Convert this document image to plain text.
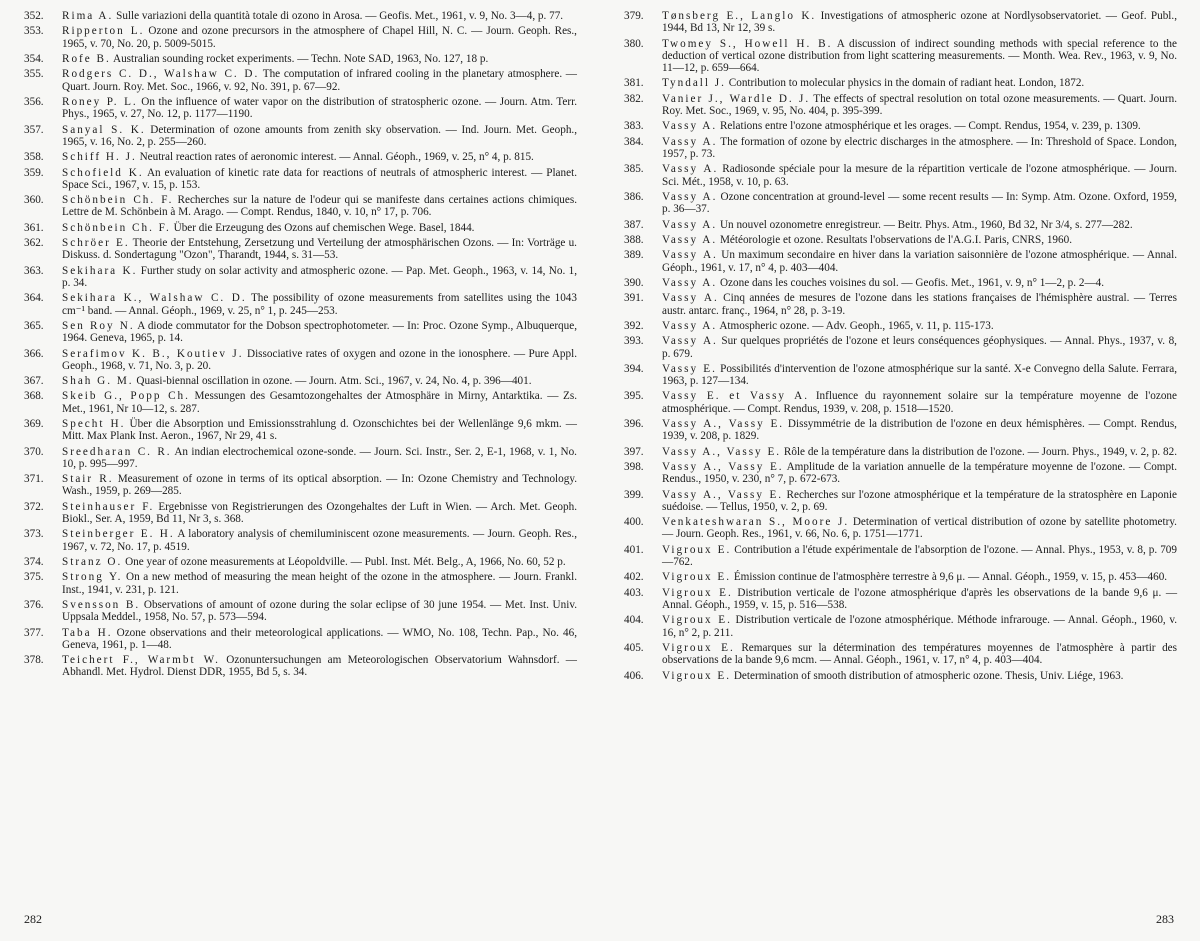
352.	Rima A. Sulle variazioni della quantità totale di ozono in Arosa. — Geofis. Met., 1961, v. 9, No. 3—4, p. 77.
353.	Ripperton L. Ozone and ozone precursors in the atmosphere of Chapel Hill, N. C. — Journ. Geoph. Res., 1965, v. 70, No. 20, p. 5009-5015.
354.	Rofe B. Australian sounding rocket experiments. — Techn. Note SAD, 1963, No. 127, 18 p.
355.	Rodgers C. D., Walshaw C. D. The computation of infrared cooling in the planetary atmosphere. — Quart. Journ. Roy. Met. Soc., 1966, v. 92, No. 391, p. 67—92.
356.	Roney P. L. On the influence of water vapor on the distribution of stratospheric ozone. — Journ. Atm. Terr. Phys., 1965, v. 27, No. 12, p. 1177—1190.
357.	Sanyal S. K. Determination of ozone amounts from zenith sky observation. — Ind. Journ. Met. Geoph., 1965, v. 16, No. 2, p. 255—260.
358.	Schiff H. J. Neutral reaction rates of aeronomic interest. — Annal. Géoph., 1969, v. 25, n° 4, p. 815.
359.	Schofield K. An evaluation of kinetic rate data for reactions of neutrals of atmospheric interest. — Planet. Space Sci., 1967, v. 15, p. 153.
360.	Schönbein Ch. F. Recherches sur la nature de l'odeur qui se manifeste dans certaines actions chimiques. Lettre de M. Schönbein à M. Arago. — Compt. Rendus, 1840, v. 10, n° 17, p. 706.
361.	Schönbein Ch. F. Über die Erzeugung des Ozons auf chemischen Wege. Basel, 1844.
362.	Schröer E. Theorie der Entstehung, Zersetzung und Verteilung der atmosphärischen Ozons. — In: Vorträge u. Diskuss. d. Sondertagung "Ozon", Tharandt, 1944, s. 31—53.
363.	Sekihara K. Further study on solar activity and atmospheric ozone. — Pap. Met. Geoph., 1963, v. 14, No. 1, p. 34.
364.	Sekihara K., Walshaw C. D. The possibility of ozone measurements from satellites using the 1043 cm⁻¹ band. — Annal. Géoph., 1969, v. 25, n° 1, p. 245—253.
365.	Sen Roy N. A diode commutator for the Dobson spectrophotometer. — In: Proc. Ozone Symp., Albuquerque, 1964. Geneva, 1965, p. 14.
366.	Serafimov K. B., Koutiev J. Dissociative rates of oxygen and ozone in the ionosphere. — Pure Appl. Geoph., 1968, v. 71, No. 3, p. 20.
367.	Shah G. M. Quasi-biennal oscillation in ozone. — Journ. Atm. Sci., 1967, v. 24, No. 4, p. 396—401.
368.	Skeib G., Popp Ch. Messungen des Gesamtozongehaltes der Atmosphäre in Mirny, Antarktika. — Zs. Met., 1961, Nr 10—12, s. 287.
369.	Specht H. Über die Absorption und Emissionsstrahlung d. Ozonschichtes bei der Wellenlänge 9,6 mkm. — Mitt. Max Plank Inst. Aeron., 1967, Nr 29, 41 s.
370.	Sreedharan C. R. An indian electrochemical ozone-sonde. — Journ. Sci. Instr., Ser. 2, E-1, 1968, v. 1, No. 10, p. 995—997.
371.	Stair R. Measurement of ozone in terms of its optical absorption. — In: Ozone Chemistry and Technology. Wash., 1959, p. 269—285.
372.	Steinhauser F. Ergebnisse von Registrierungen des Ozongehaltes der Luft in Wien. — Arch. Met. Geoph. Biokl., Ser. A, 1959, Bd 11, Nr 3, s. 368.
373.	Steinberger E. H. A laboratory analysis of chemiluminiscent ozone measurements. — Journ. Geoph. Res., 1967, v. 72, No. 17, p. 4519.
374.	Stranz O. One year of ozone measurements at Léopoldville. — Publ. Inst. Mét. Belg., A, 1966, No. 60, 52 p.
375.	Strong Y. On a new method of measuring the mean height of the ozone in the atmosphere. — Journ. Frankl. Inst., 1941, v. 231, p. 121.
376.	Svensson B. Observations of amount of ozone during the solar eclipse of 30 june 1954. — Met. Inst. Univ. Uppsala Meddel., 1958, No. 57, p. 573—594.
377.	Taba H. Ozone observations and their meteorological applications. — WMO, No. 108, Techn. Pap., No. 46, Geneva, 1961, p. 1—48.
378.	Teichert F., Warmbt W. Ozonuntersuchungen am Meteorologischen Observatorium Wahnsdorf. — Abhandl. Met. Hydrol. Dienst DDR, 1955, Bd 5, s. 34.
379.	Tønsberg E., Langlo K. Investigations of atmospheric ozone at Nordlysobservatoriet. — Geof. Publ., 1944, Bd 13, Nr 12, 39 s.
380.	Twomey S., Howell H. B. A discussion of indirect sounding methods with special reference to the deduction of vertical ozone distribution from light scattering measurements. — Month. Wea. Rev., 1963, v. 9, No. 11—12, p. 659—664.
381.	Tyndall J. Contribution to molecular physics in the domain of radiant heat. London, 1872.
382.	Vanier J., Wardle D. J. The effects of spectral resolution on total ozone measurements. — Quart. Journ. Roy. Met. Soc., 1969, v. 95, No. 404, p. 395-399.
383.	Vassy A. Relations entre l'ozone atmosphérique et les orages. — Compt. Rendus, 1954, v. 239, p. 1309.
384.	Vassy A. The formation of ozone by electric discharges in the atmosphere. — In: Threshold of Space. London, 1957, p. 73.
385.	Vassy A. Radiosonde spéciale pour la mesure de la répartition verticale de l'ozone atmosphérique. — Journ. Sci. Mét., 1958, v. 10, p. 63.
386.	Vassy A. Ozone concentration at ground-level — some recent results — In: Symp. Atm. Ozone. Oxford, 1959, p. 36—37.
387.	Vassy A. Un nouvel ozonometre enregistreur. — Beitr. Phys. Atm., 1960, Bd 32, Nr 3/4, s. 277—282.
388.	Vassy A. Météorologie et ozone. Resultats l'observations de l'A.G.I. Paris, CNRS, 1960.
389.	Vassy A. Un maximum secondaire en hiver dans la variation saisonnière de l'ozone atmosphérique. — Annal. Géoph., 1961, v. 17, n° 4, p. 403—404.
390.	Vassy A. Ozone dans les couches voisines du sol. — Geofis. Met., 1961, v. 9, n° 1—2, p. 2—4.
391.	Vassy A. Cinq années de mesures de l'ozone dans les stations françaises de l'hémisphère austral. — Terres austr. antarc. franç., 1964, n° 28, p. 3-19.
392.	Vassy A. Atmospheric ozone. — Adv. Geoph., 1965, v. 11, p. 115-173.
393.	Vassy A. Sur quelques propriétés de l'ozone et leurs conséquences géophysiques. — Annal. Phys., 1937, v. 8, p. 679.
394.	Vassy E. Possibilités d'intervention de l'ozone atmosphérique sur la santé. X-e Convegno della Salute. Ferrara, 1963, p. 127—134.
395.	Vassy E. et Vassy A. Influence du rayonnement solaire sur la température moyenne de l'ozone atmosphérique. — Compt. Rendus, 1939, v. 208, p. 1518—1520.
396.	Vassy A., Vassy E. Dissymmétrie de la distribution de l'ozone en deux hémisphères. — Compt. Rendus, 1939, v. 208, p. 1829.
397.	Vassy A., Vassy E. Rôle de la température dans la distribution de l'ozone. — Journ. Phys., 1949, v. 2, p. 82.
398.	Vassy A., Vassy E. Amplitude de la variation annuelle de la température moyenne de l'ozone. — Compt. Rendus., 1950, v. 230, n° 7, p. 672-673.
399.	Vassy A., Vassy E. Recherches sur l'ozone atmosphérique et la température de la stratosphère en Laponie suédoise. — Tellus, 1950, v. 2, p. 69.
400.	Venkateshwaran S., Moore J. Determination of vertical distribution of ozone by satellite photometry. — Journ. Geoph. Res., 1961, v. 66, No. 6, p. 1751—1771.
401.	Vigroux E. Contribution a l'étude expérimentale de l'absorption de l'ozone. — Annal. Phys., 1953, v. 8, p. 709—762.
402.	Vigroux E. Émission continue de l'atmosphère terrestre à 9,6 μ. — Annal. Géoph., 1959, v. 15, p. 453—460.
403.	Vigroux E. Distribution verticale de l'ozone atmosphérique d'après les observations de la bande 9,6 μ. — Annal. Géoph., 1959, v. 15, p. 516—538.
404.	Vigroux E. Distribution verticale de l'ozone atmosphérique. Méthode infrarouge. — Annal. Géoph., 1960, v. 16, n° 2, p. 211.
405.	Vigroux E. Remarques sur la détermination des températures moyennes de l'atmosphère à partir des observations de la bande 9,6 mcm. — Annal. Géoph., 1961, v. 17, n° 4, p. 403—404.
406.	Vigroux E. Determination of smooth distribution of atmospheric ozone. Thesis, Univ. Liége, 1963.
282	283
